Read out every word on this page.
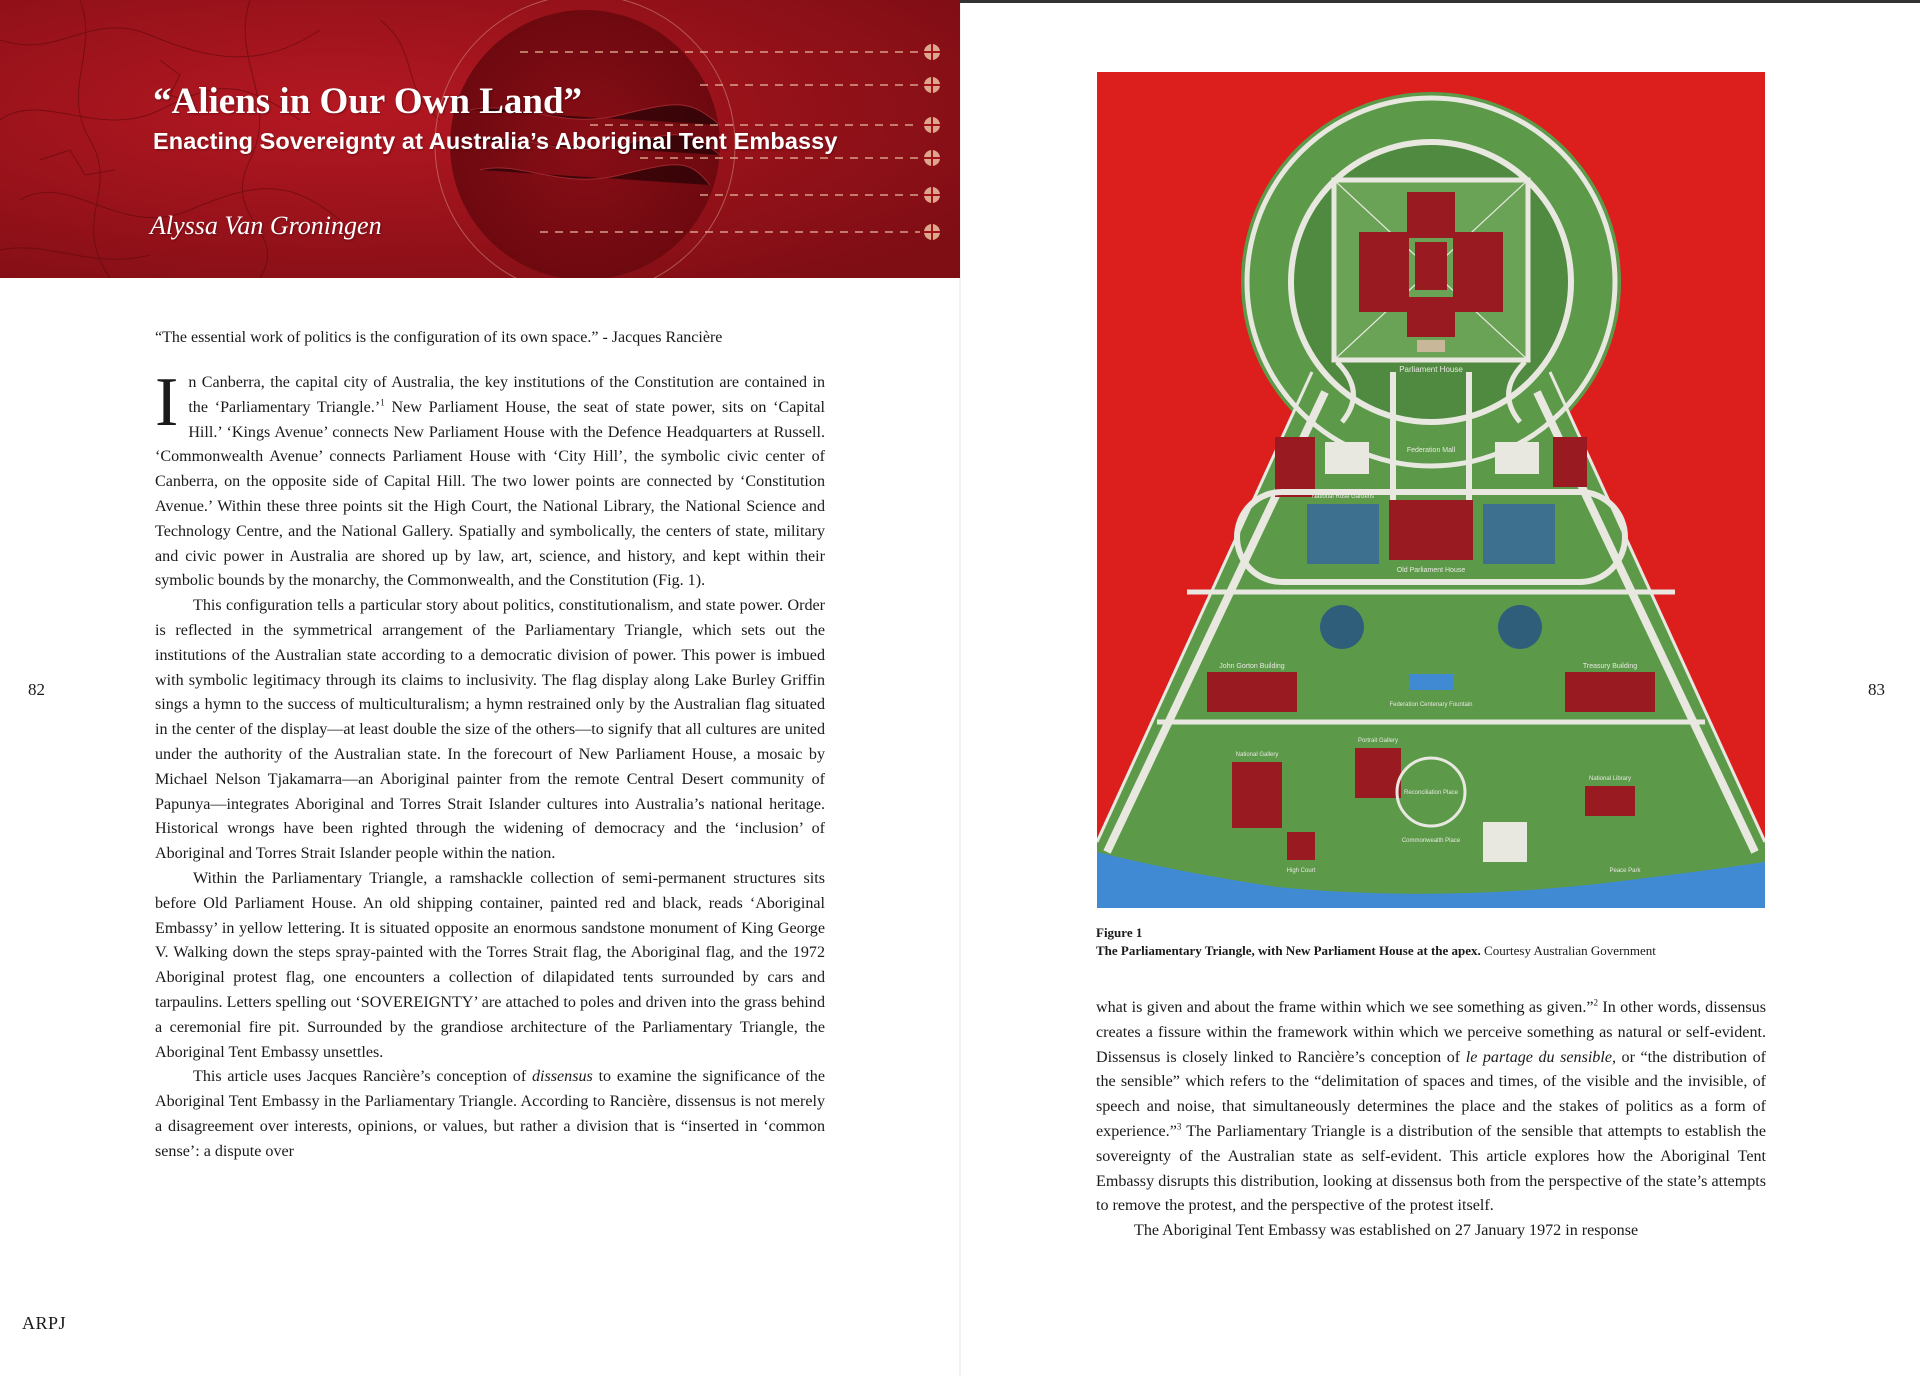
“Aliens in Our Own Land”
Enacting Sovereignty at Australia’s Aboriginal Tent Embassy
Alyssa Van Groningen
“The essential work of politics is the configuration of its own space.” - Jacques Rancière

In Canberra, the capital city of Australia, the key institutions of the Constitution are contained in the ‘Parliamentary Triangle.’$^1$ New Parliament House, the seat of state power, sits on ‘Capital Hill.’ ‘Kings Avenue’ connects New Parliament House with the Defence Headquarters at Russell. ‘Commonwealth Avenue’ connects Parliament House with ‘City Hill’, the symbolic civic center of Canberra, on the opposite side of Capital Hill. The two lower points are connected by ‘Constitution Avenue.’ Within these three points sit the High Court, the National Library, the National Science and Technology Centre, and the National Gallery. Spatially and symbolically, the centers of state, military and civic power in Australia are shored up by law, art, science, and history, and kept within their symbolic bounds by the monarchy, the Commonwealth, and the Constitution (Fig. 1).

This configuration tells a particular story about politics, constitutionalism, and state power. Order is reflected in the symmetrical arrangement of the Parliamentary Triangle, which sets out the institutions of the Australian state according to a democratic division of power. This power is imbued with symbolic legitimacy through its claims to inclusivity. The flag display along Lake Burley Griffin sings a hymn to the success of multiculturalism; a hymn restrained only by the Australian flag situated in the center of the display—at least double the size of the others—to signify that all cultures are united under the authority of the Australian state. In the forecourt of New Parliament House, a mosaic by Michael Nelson Tjakamarra—an Aboriginal painter from the remote Central Desert community of Papunya—integrates Aboriginal and Torres Strait Islander cultures into Australia’s national heritage. Historical wrongs have been righted through the widening of democracy and the ‘inclusion’ of Aboriginal and Torres Strait Islander people within the nation.

Within the Parliamentary Triangle, a ramshackle collection of semi-permanent structures sits before Old Parliament House. An old shipping container, painted red and black, reads ‘Aboriginal Embassy’ in yellow lettering. It is situated opposite an enormous sandstone monument of King George V. Walking down the steps spray-painted with the Torres Strait flag, the Aboriginal flag, and the 1972 Aboriginal protest flag, one encounters a collection of dilapidated tents surrounded by cars and tarpaulins. Letters spelling out ‘SOVEREIGNTY’ are attached to poles and driven into the grass behind a ceremonial fire pit. Surrounded by the grandiose architecture of the Parliamentary Triangle, the Aboriginal Tent Embassy unsettles.

This article uses Jacques Rancière’s conception of dissensus to examine the significance of the Aboriginal Tent Embassy in the Parliamentary Triangle. According to Rancière, dissensus is not merely a disagreement over interests, opinions, or values, but rather a division that is “inserted in ‘common sense’: a dispute over

82	83
ARPJ
Parliament House
Federation Mall
Old Parliament House
National Rose Gardens
John Gorton Building	Treasury Building
Federation Centenary Fountain
Portrait Gallery
National Gallery
National Library
Reconciliation Place
Commonwealth Place
High Court	Peace Park
Figure 1
The Parliamentary Triangle, with New Parliament House at the apex. Courtesy Australian Government

what is given and about the frame within which we see something as given.”$^2$ In other words, dissensus creates a fissure within the framework within which we perceive something as natural or self-evident. Dissensus is closely linked to Rancière’s conception of le partage du sensible, or “the distribution of the sensible” which refers to the “delimitation of spaces and times, of the visible and the invisible, of speech and noise, that simultaneously determines the place and the stakes of politics as a form of experience.”$^3$ The Parliamentary Triangle is a distribution of the sensible that attempts to establish the sovereignty of the Australian state as self-evident. This article explores how the Aboriginal Tent Embassy disrupts this distribution, looking at dissensus both from the perspective of the state’s attempts to remove the protest, and the perspective of the protest itself.

The Aboriginal Tent Embassy was established on 27 January 1972 in response
